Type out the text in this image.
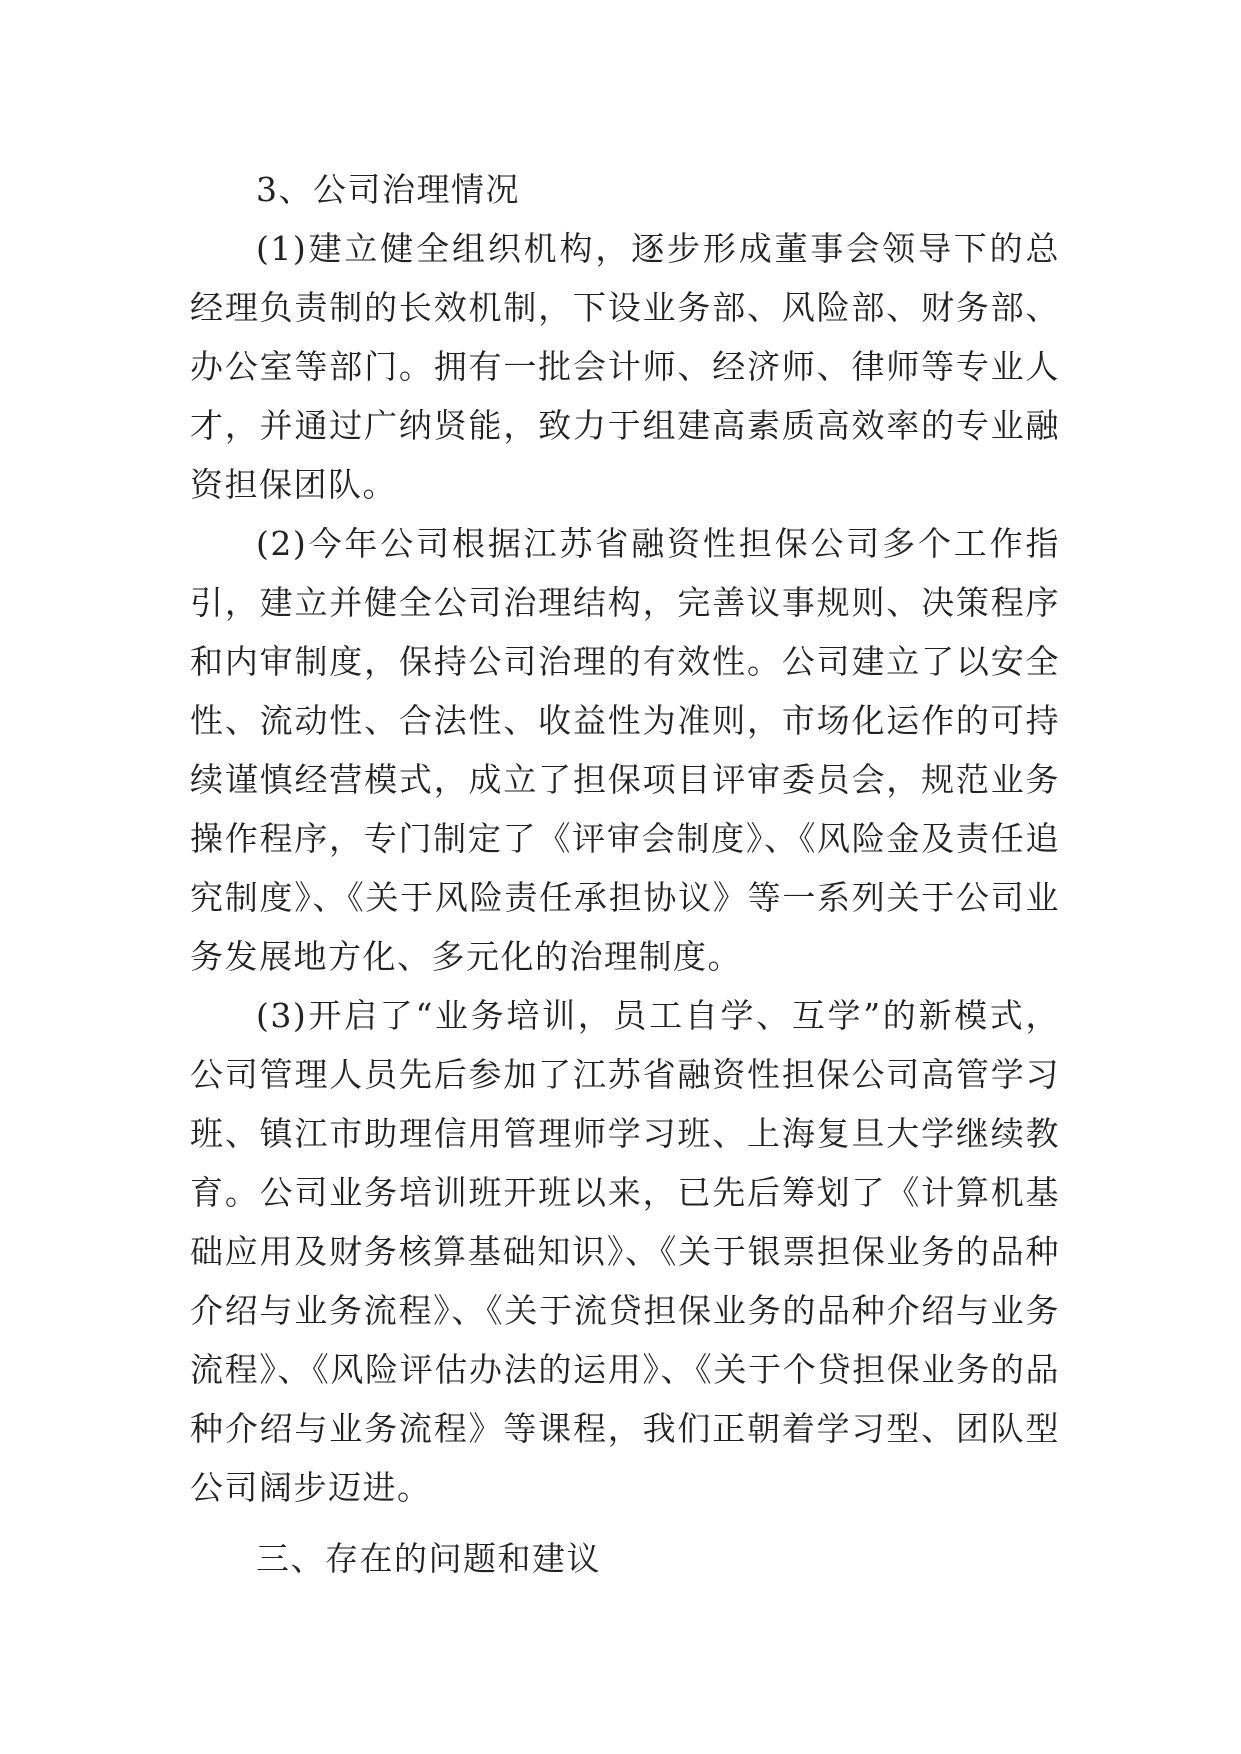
3、公司治理情况

(1)建立健全组织机构，逐步形成董事会领导下的总经理负责制的长效机制，下设业务部、风险部、财务部、办公室等部门。拥有一批会计师、经济师、律师等专业人才，并通过广纳贤能，致力于组建高素质高效率的专业融资担保团队。

(2)今年公司根据江苏省融资性担保公司多个工作指引，建立并健全公司治理结构，完善议事规则、决策程序和内审制度，保持公司治理的有效性。公司建立了以安全性、流动性、合法性、收益性为准则，市场化运作的可持续谨慎经营模式，成立了担保项目评审委员会，规范业务操作程序，专门制定了《评审会制度》、《风险金及责任追究制度》、《关于风险责任承担协议》等一系列关于公司业务发展地方化、多元化的治理制度。

(3)开启了“业务培训，员工自学、互学”的新模式，公司管理人员先后参加了江苏省融资性担保公司高管学习班、镇江市助理信用管理师学习班、上海复旦大学继续教育。公司业务培训班开班以来，已先后筹划了《计算机基础应用及财务核算基础知识》、《关于银票担保业务的品种介绍与业务流程》、《关于流贷担保业务的品种介绍与业务流程》、《风险评估办法的运用》、《关于个贷担保业务的品种介绍与业务流程》等课程，我们正朝着学习型、团队型公司阔步迈进。

三、存在的问题和建议
